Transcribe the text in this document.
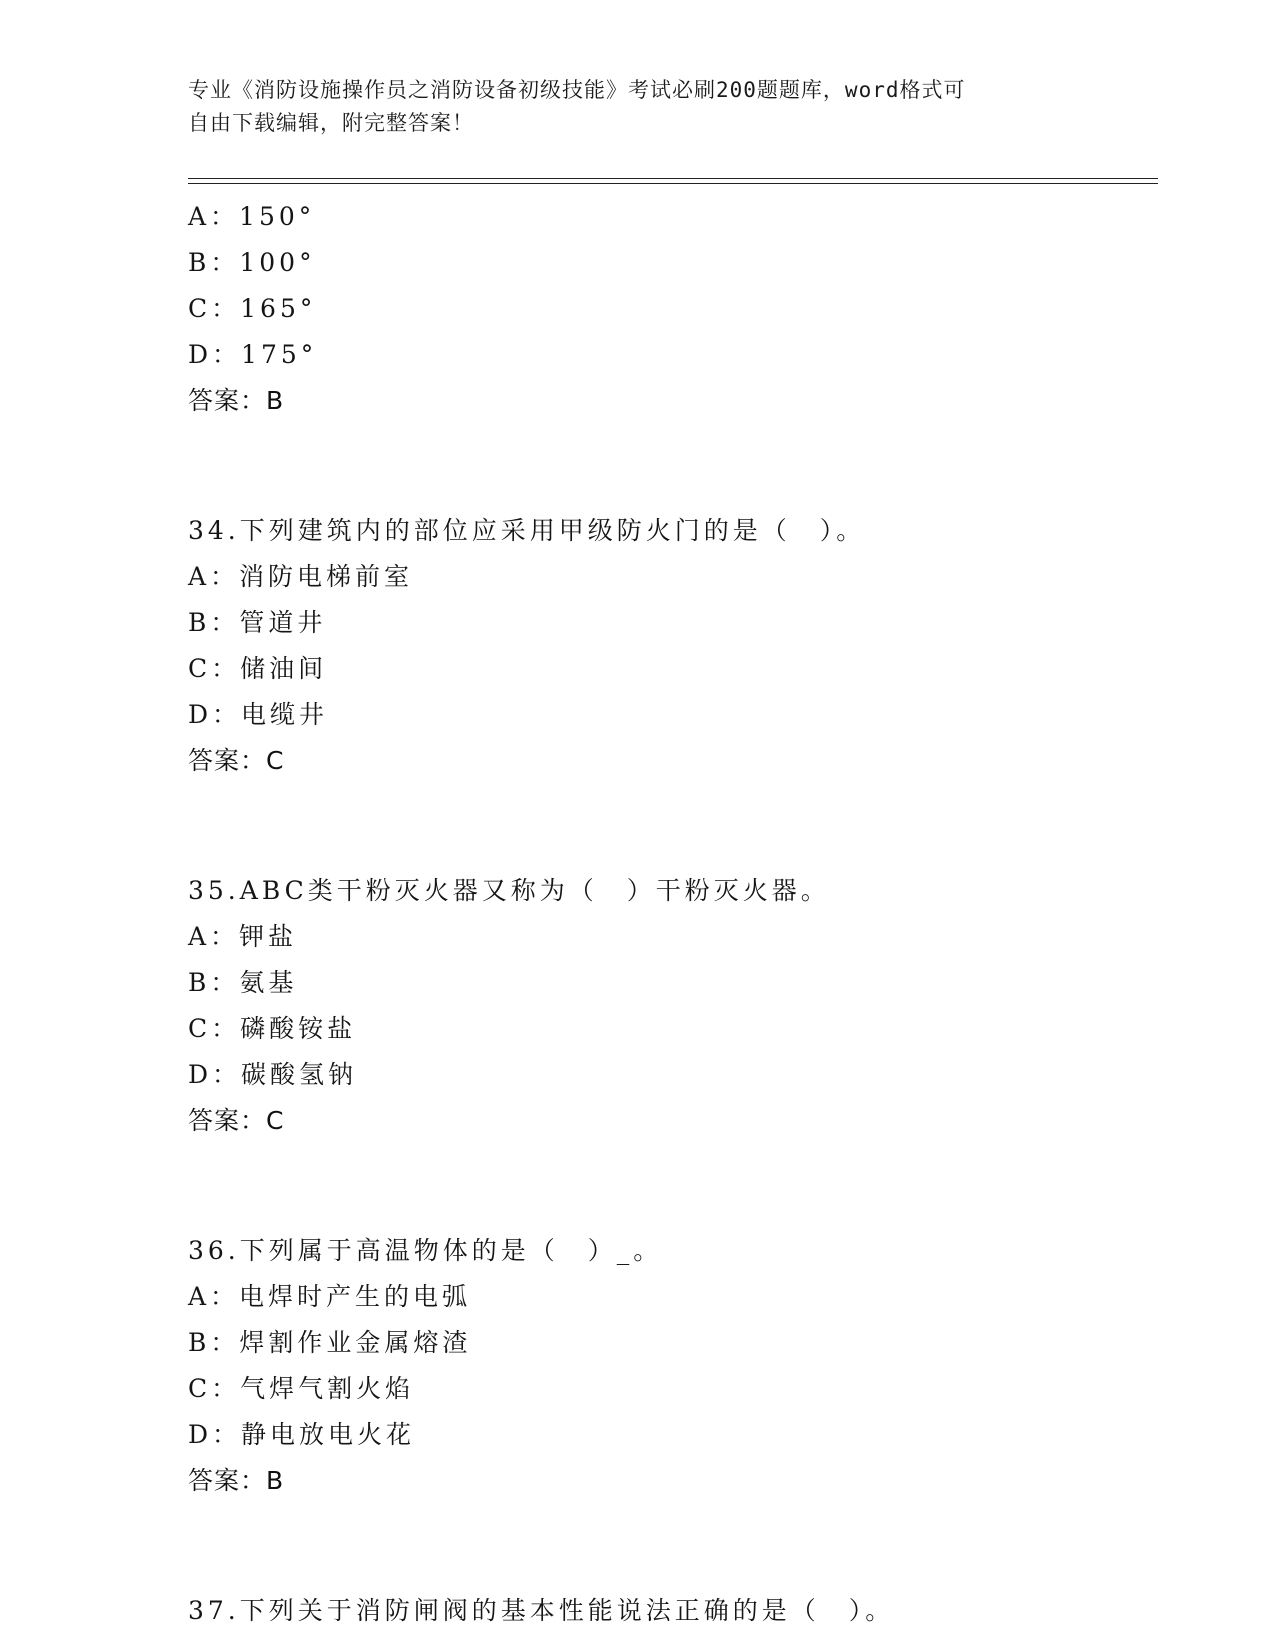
专业《消防设施操作员之消防设备初级技能》考试必刷200题题库，word格式可
自由下载编辑，附完整答案！
A：150°
B：100°
C：165°
D：175°
答案：B
34.下列建筑内的部位应采用甲级防火门的是（　）。
A：消防电梯前室
B：管道井
C：储油间
D：电缆井
答案：C
35.ABC类干粉灭火器又称为（　）干粉灭火器。
A：钾盐
B：氨基
C：磷酸铵盐
D：碳酸氢钠
答案：C
36.下列属于高温物体的是（　）_。
A：电焊时产生的电弧
B：焊割作业金属熔渣
C：气焊气割火焰
D：静电放电火花
答案：B
37.下列关于消防闸阀的基本性能说法正确的是（　）。
